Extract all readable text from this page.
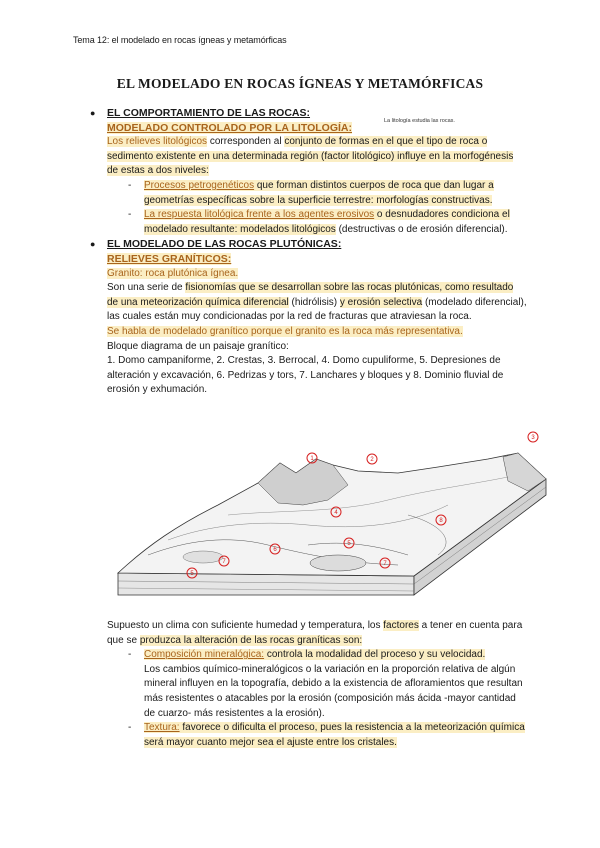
Tema 12: el modelado en rocas ígneas y metamórficas
EL MODELADO EN ROCAS ÍGNEAS Y METAMÓRFICAS
La litología estudia las rocas.
● EL COMPORTAMIENTO DE LAS ROCAS:
MODELADO CONTROLADO POR LA LITOLOGÍA:

Los relieves litológicos corresponden al conjunto de formas en el que el tipo de roca o sedimento existente en una determinada región (factor litológico) influye en la morfogénesis de estas a dos niveles:

- Procesos petrogenéticos que forman distintos cuerpos de roca que dan lugar a geometrías específicas sobre la superficie terrestre: morfologías constructivas.
- La respuesta litológica frente a los agentes erosivos o desnudadores condiciona el modelado resultante: modelados litológicos (destructivas o de erosión diferencial).
● EL MODELADO DE LAS ROCAS PLUTÓNICAS:
RELIEVES GRANÍTICOS:

Granito: roca plutónica ígnea.

Son una serie de fisionomías que se desarrollan sobre las rocas plutónicas, como resultado de una meteorización química diferencial (hidrólisis) y erosión selectiva (modelado diferencial), las cuales están muy condicionadas por la red de fracturas que atraviesan la roca.

Se habla de modelado granítico porque el granito es la roca más representativa.

Bloque diagrama de un paisaje granítico:

1. Domo campaniforme, 2. Crestas, 3. Berrocal, 4. Domo cupuliforme, 5. Depresiones de alteración y excavación, 6. Pedrizas y tors, 7. Lanchares y bloques y 8. Dominio fluvial de erosión y exhumación.

1	2
5
4
5
6
7	7
8
3

Supuesto un clima con suficiente humedad y temperatura, los factores a tener en cuenta para que se produzca la alteración de las rocas graníticas son:

- Composición mineralógica: controla la modalidad del proceso y su velocidad.
Los cambios químico-mineralógicos o la variación en la proporción relativa de algún mineral influyen en la topografía, debido a la existencia de afloramientos que resultan más resistentes o atacables por la erosión (composición más ácida -mayor cantidad de cuarzo- más resistentes a la erosión).
- Textura: favorece o dificulta el proceso, pues la resistencia a la meteorización química será mayor cuanto mejor sea el ajuste entre los cristales.
